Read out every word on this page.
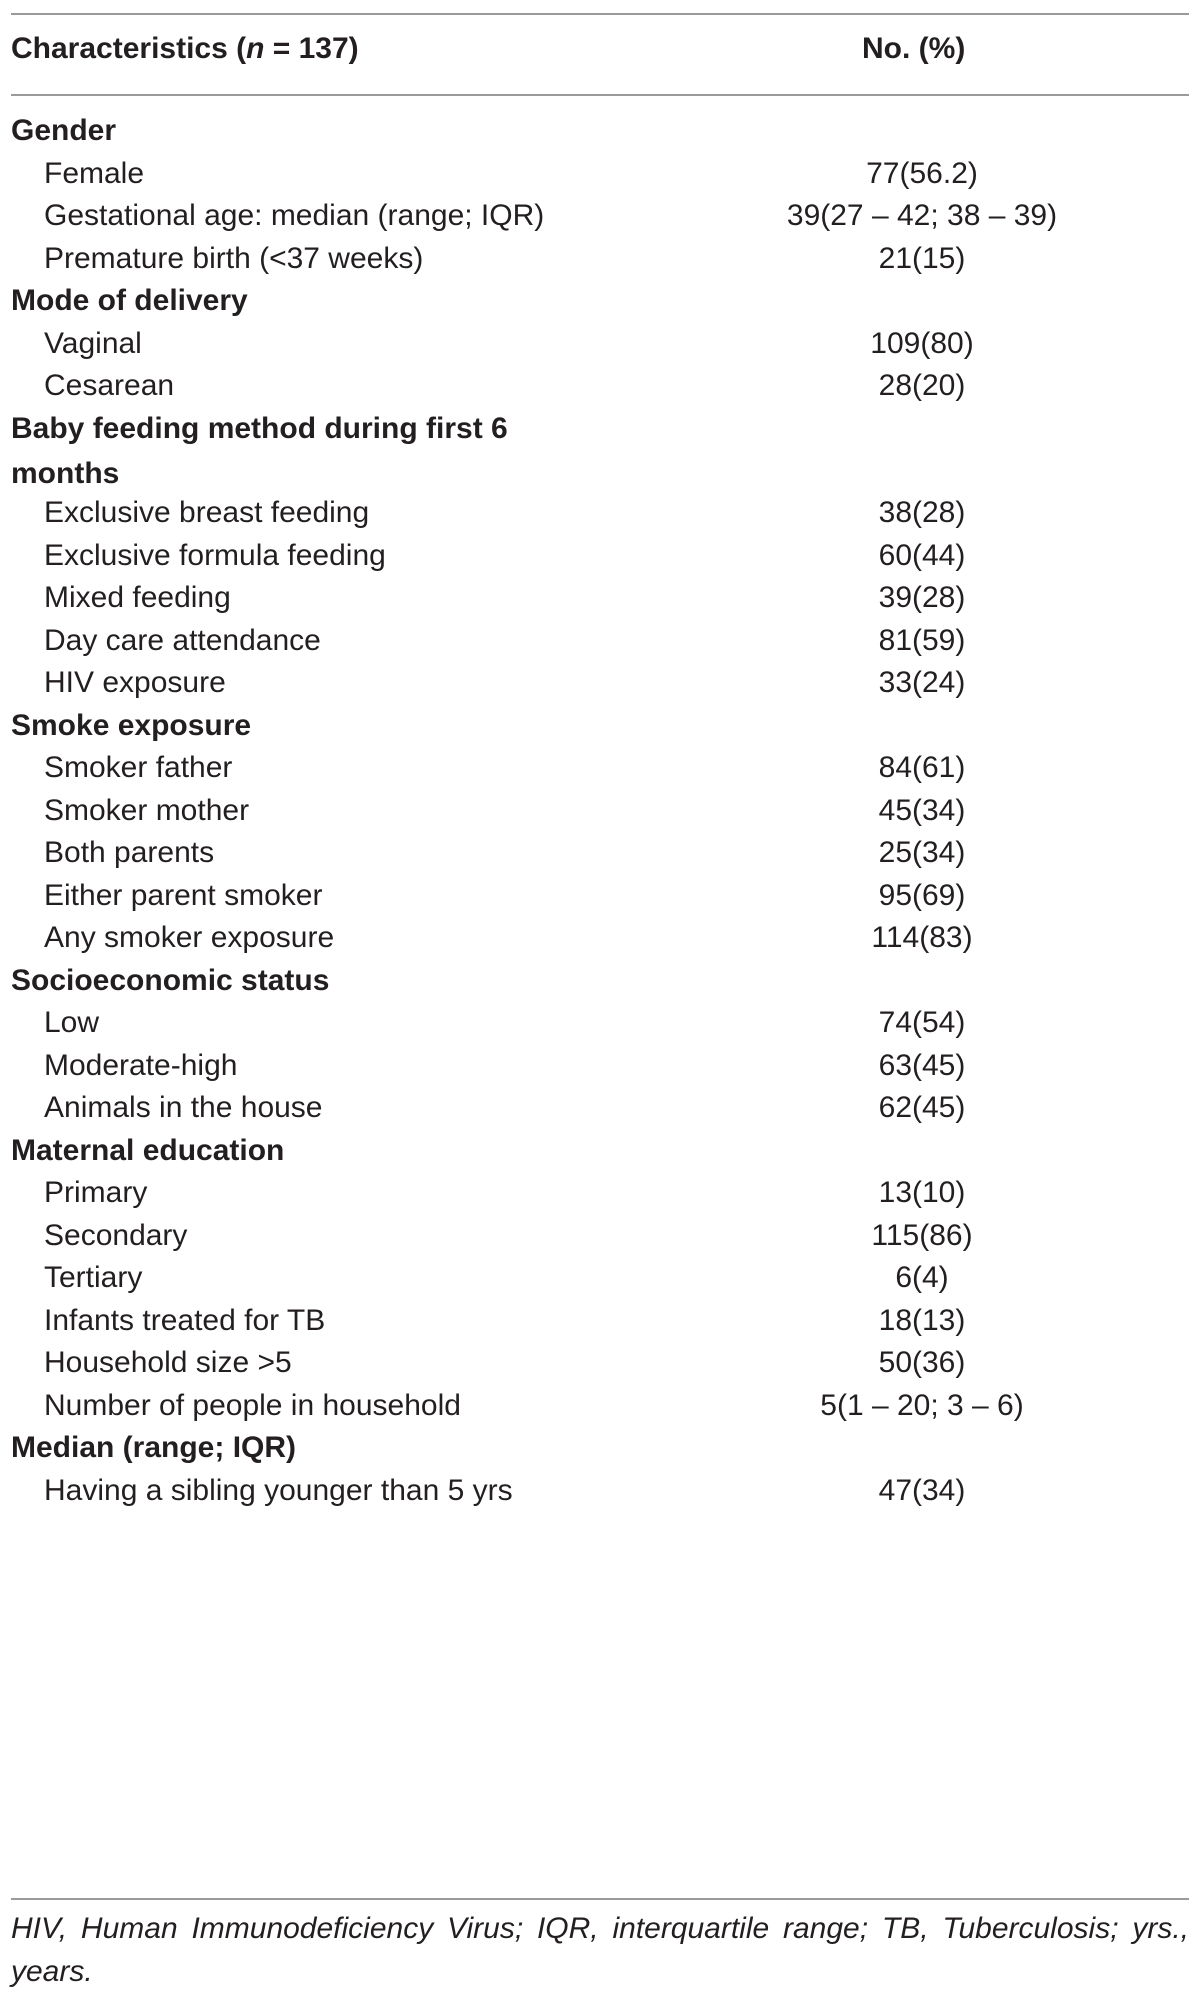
Characteristics (n = 137)	No. (%)
Gender
Female	77(56.2)
Gestational age: median (range; IQR)	39(27 – 42; 38 – 39)
Premature birth (<37 weeks)	21(15)
Mode of delivery
Vaginal	109(80)
Cesarean	28(20)
Baby feeding method during first 6 months
Exclusive breast feeding	38(28)
Exclusive formula feeding	60(44)
Mixed feeding	39(28)
Day care attendance	81(59)
HIV exposure	33(24)
Smoke exposure
Smoker father	84(61)
Smoker mother	45(34)
Both parents	25(34)
Either parent smoker	95(69)
Any smoker exposure	114(83)
Socioeconomic status
Low	74(54)
Moderate-high	63(45)
Animals in the house	62(45)
Maternal education
Primary	13(10)
Secondary	115(86)
Tertiary	6(4)
Infants treated for TB	18(13)
Household size >5	50(36)
Number of people in household	5(1 – 20; 3 – 6)
Median (range; IQR)
Having a sibling younger than 5 yrs	47(34)
HIV, Human Immunodeficiency Virus; IQR, interquartile range; TB, Tuberculosis; yrs., years.
